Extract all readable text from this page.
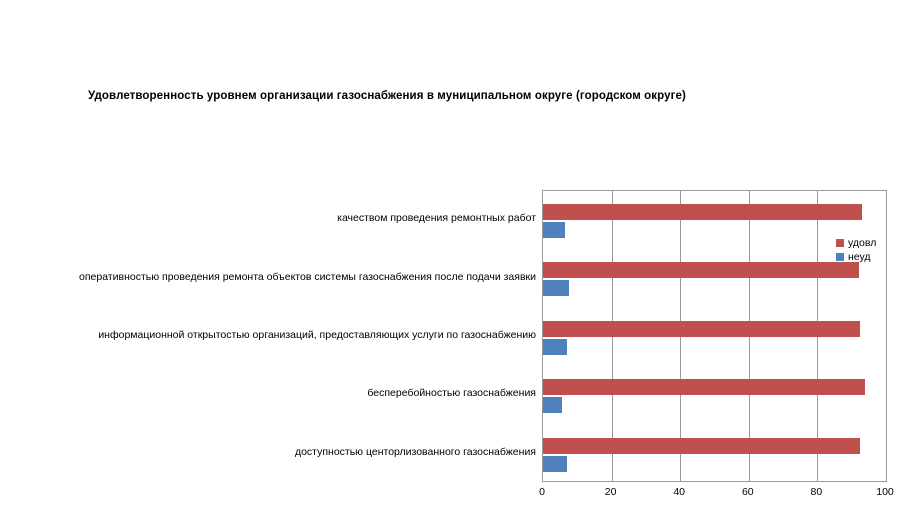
Удовлетворенность уровнем организации газоснабжения в муниципальном округе (городском округе)
удовл
неуд
качеством проведения ремонтных работ
оперативностью проведения ремонта объектов системы газоснабжения после подачи заявки
информационной открытостью организаций, предоставляющих услуги по газоснабжению
бесперебойностью газоснабжения
доступностью центорлизованного газоснабжения
0	20	40	60	80	100
